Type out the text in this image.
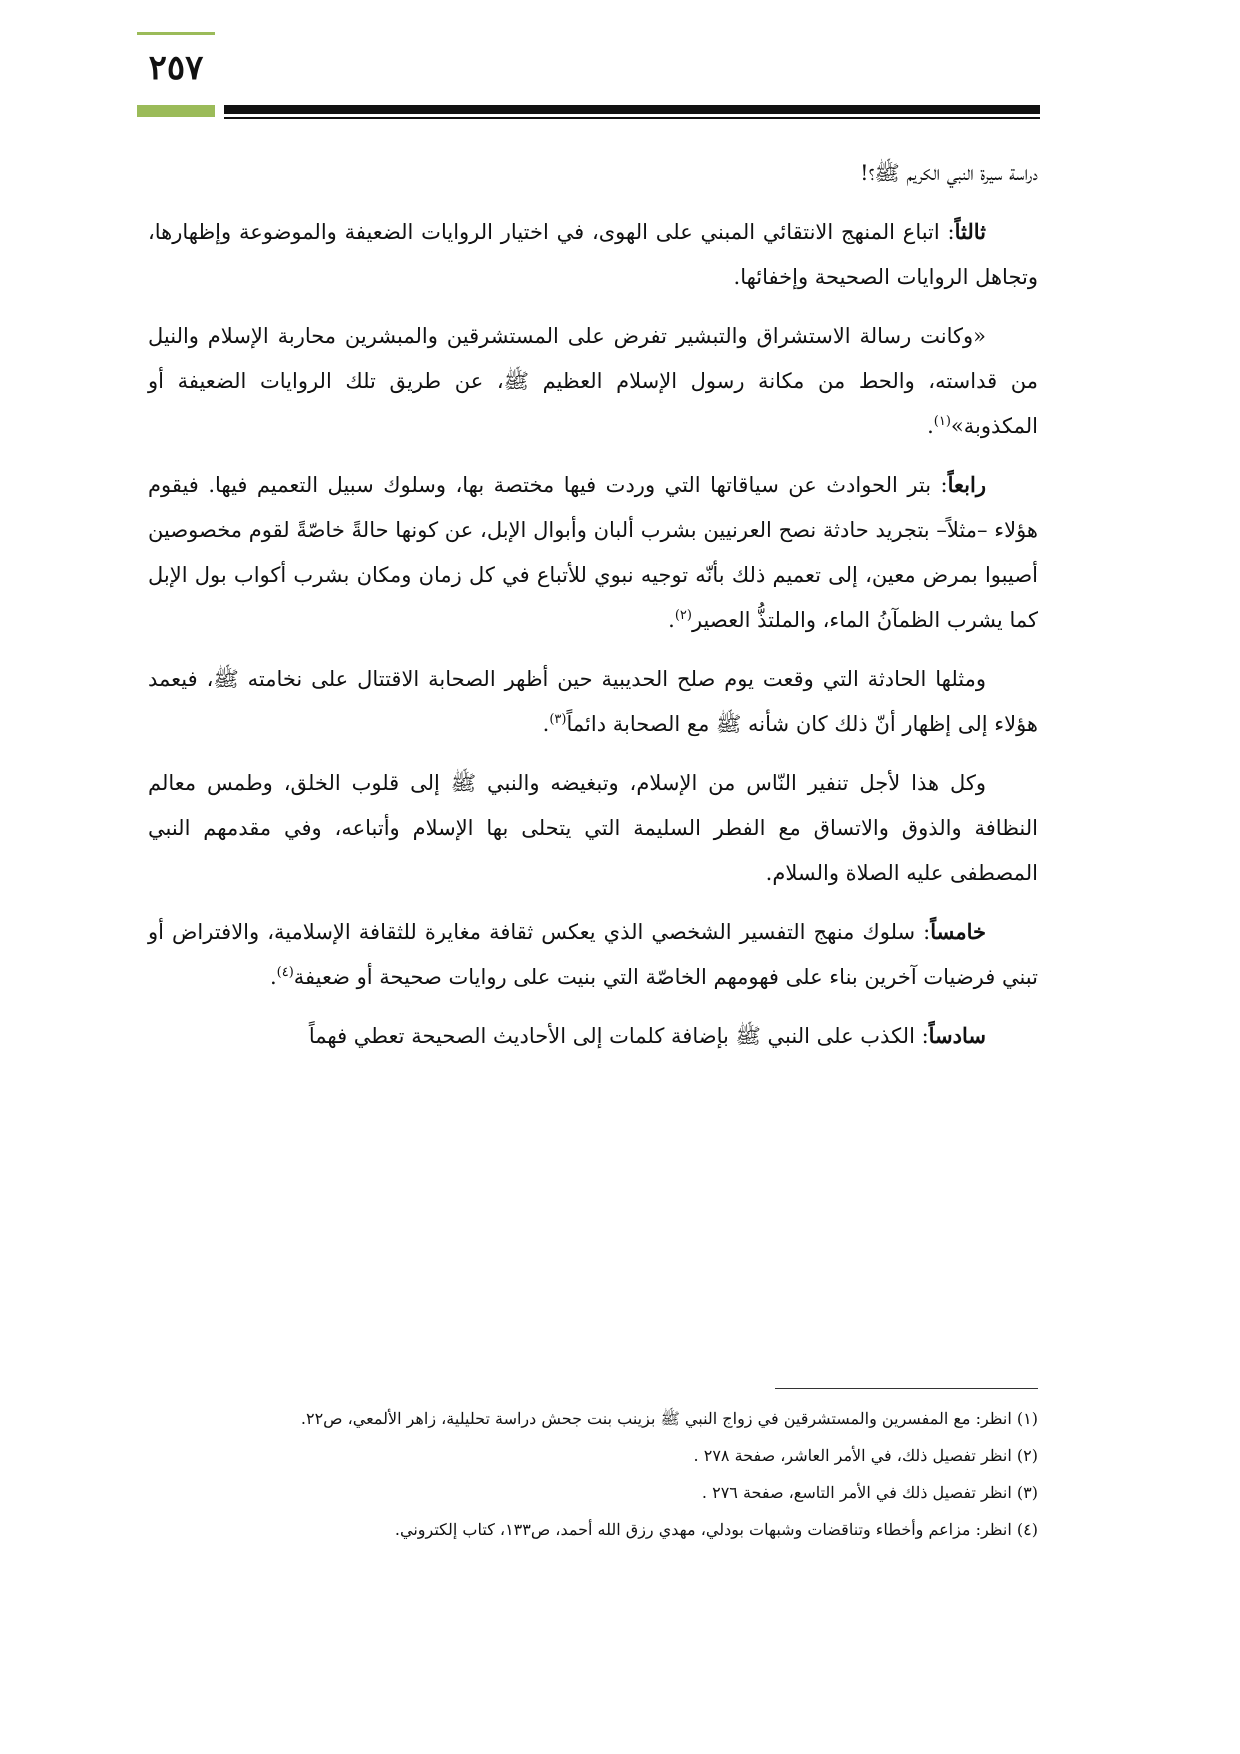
٢٥٧

دراسة سيرة النبي الكريم ﷺ؟!

ثالثاً: اتباع المنهج الانتقائي المبني على الهوى، في اختيار الروايات الضعيفة والموضوعة وإظهارها، وتجاهل الروايات الصحيحة وإخفائها.

«وكانت رسالة الاستشراق والتبشير تفرض على المستشرقين والمبشرين محاربة الإسلام والنيل من قداسته، والحط من مكانة رسول الإسلام العظيم ﷺ، عن طريق تلك الروايات الضعيفة أو المكذوبة»$^{(١)}$.

رابعاً: بتر الحوادث عن سياقاتها التي وردت فيها مختصة بها، وسلوك سبيل التعميم فيها. فيقوم هؤلاء –مثلاً– بتجريد حادثة نصح العرنيين بشرب ألبان وأبوال الإبل، عن كونها حالةً خاصّةً لقوم مخصوصين أصيبوا بمرض معين، إلى تعميم ذلك بأنّه توجيه نبوي للأتباع في كل زمان ومكان بشرب أكواب بول الإبل كما يشرب الظمآنُ الماء، والملتذُّ العصير$^{(٢)}$.

ومثلها الحادثة التي وقعت يوم صلح الحديبية حين أظهر الصحابة الاقتتال على نخامته ﷺ، فيعمد هؤلاء إلى إظهار أنّ ذلك كان شأنه ﷺ مع الصحابة دائماً$^{(٣)}$.

وكل هذا لأجل تنفير النّاس من الإسلام، وتبغيضه والنبي ﷺ إلى قلوب الخلق، وطمس معالم النظافة والذوق والاتساق مع الفطر السليمة التي يتحلى بها الإسلام وأتباعه، وفي مقدمهم النبي المصطفى عليه الصلاة والسلام.

خامساً: سلوك منهج التفسير الشخصي الذي يعكس ثقافة مغايرة للثقافة الإسلامية، والافتراض أو تبني فرضيات آخرين بناء على فهومهم الخاصّة التي بنيت على روايات صحيحة أو ضعيفة$^{(٤)}$.

سادساً: الكذب على النبي ﷺ بإضافة كلمات إلى الأحاديث الصحيحة تعطي فهماً

(١) انظر: مع المفسرين والمستشرقين في زواج النبي ﷺ بزينب بنت جحش دراسة تحليلية، زاهر الألمعي، ص٢٢.
(٢) انظر تفصيل ذلك، في الأمر العاشر، صفحة ٢٧٨ .
(٣) انظر تفصيل ذلك في الأمر التاسع، صفحة ٢٧٦ .
(٤) انظر: مزاعم وأخطاء وتناقضات وشبهات بودلي، مهدي رزق الله أحمد، ص١٣٣، كتاب إلكتروني.
